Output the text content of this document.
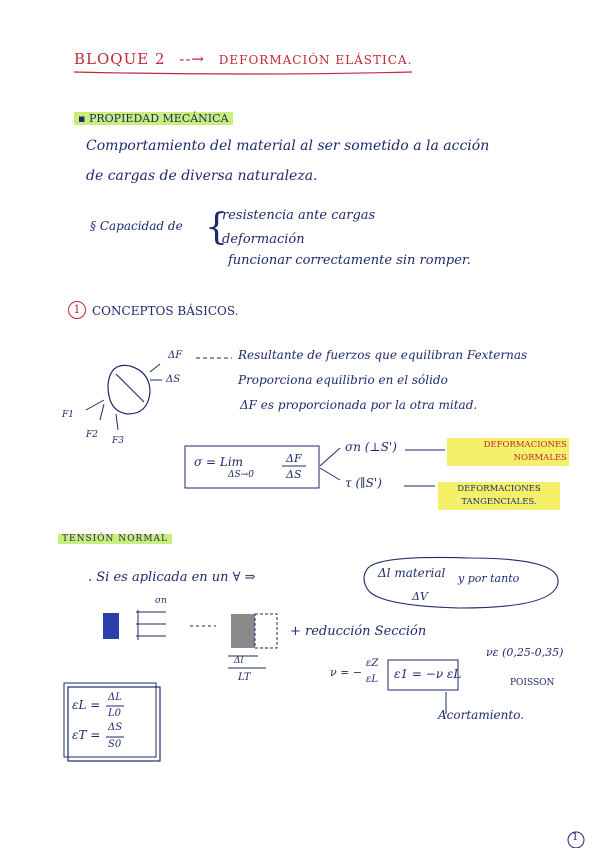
BLOQUE 2 --→ DEFORMACIÓN ELÁSTICA.
▪ PROPIEDAD MECÁNICA
Comportamiento del material al ser sometido a la acción
de cargas de diversa naturaleza.
§ Capacidad de {
resistencia ante cargas
deformación
funcionar correctamente sin romper.
1 CONCEPTOS BÁSICOS.
ΔF
ΔS
F1
F2
F3
Resultante de fuerzos que equilibran Fexternas
Proporciona equilibrio en el sólido
ΔF es proporcionada por la otra mitad.
σ = Lim
ΔS→0
ΔF
ΔS
σn (⊥S')	DEFORMACIONES
NORMALES
τ (∥S')	DEFORMACIONES
TANGENCIALES.
TENSIÓN NORMAL
. Si es aplicada en un ∀ ⇒	Δl material y por tanto
ΔV
σn
+ reducción Sección
Δl
LT	ν = −
εZ
εL ε1 = −ν εL
νε (0,25-0,35)
POISSON
Acortamiento.
εL =
ΔL
L0
εT =
ΔS
S0
1
